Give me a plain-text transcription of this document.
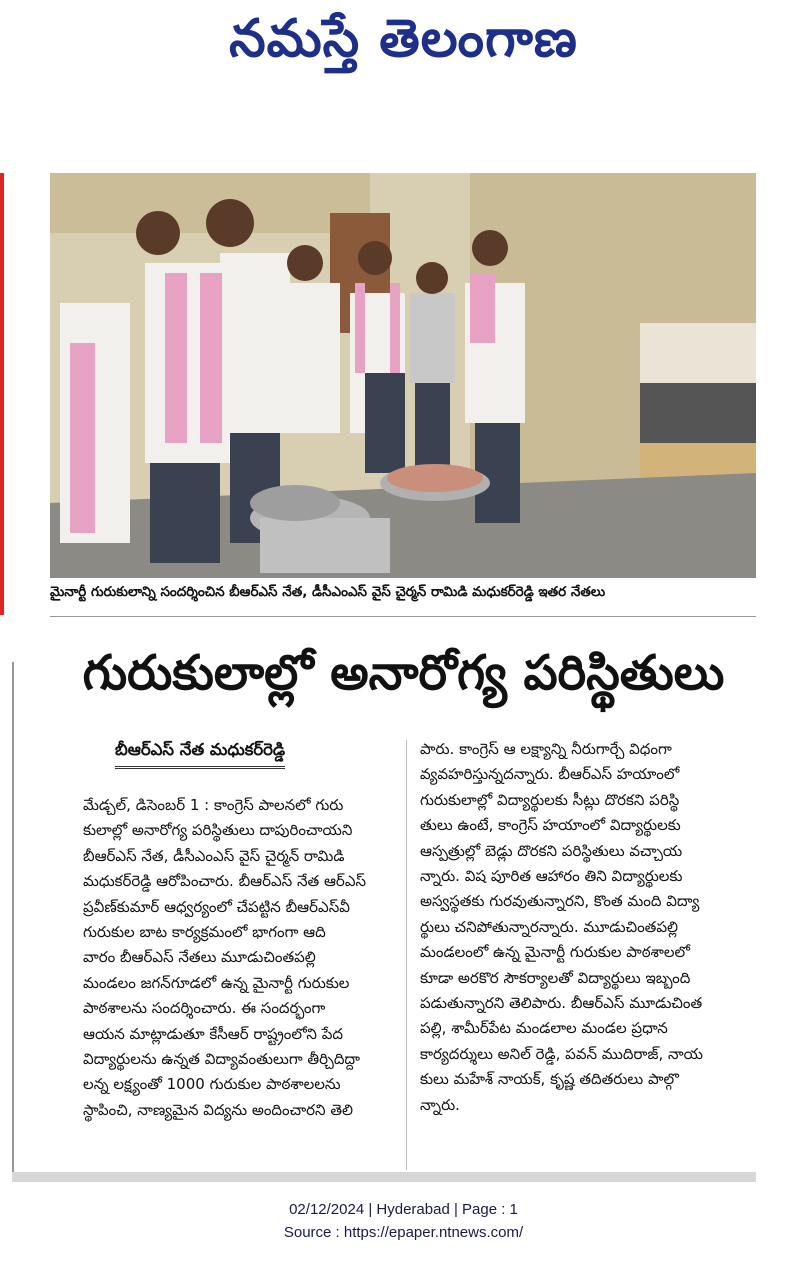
నమస్తే తెలంగాణ
మైనార్టీ గురుకులాన్ని సందర్శించిన బీఆర్‌ఎస్ నేత, డీసీఎంఎస్ వైస్ చైర్మన్ రామిడి మధుకర్‌రెడ్డి ఇతర నేతలు
గురుకులాల్లో అనారోగ్య పరిస్థితులు
బీఆర్‌ఎస్ నేత మధుకర్‌రెడ్డి
మేడ్చల్, డిసెంబర్ 1 : కాంగ్రెస్ పాలనలో గురు
కులాల్లో అనారోగ్య పరిస్థితులు దాపురించాయని
బీఆర్‌ఎస్ నేత, డీసీఎంఎస్ వైస్ చైర్మన్ రామిడి
మధుకర్‌రెడ్డి ఆరోపించారు. బీఆర్‌ఎస్ నేత ఆర్‌ఎస్
ప్రవీణ్‌కుమార్ ఆధ్వర్యంలో చేపట్టిన బీఆర్‌ఎస్‌వీ
గురుకుల బాట కార్యక్రమంలో భాగంగా ఆది
వారం బీఆర్‌ఎస్ నేతలు మూడుచింతపల్లి
మండలం జగన్‌గూడలో ఉన్న మైనార్టీ గురుకుల
పాఠశాలను సందర్శించారు. ఈ సందర్భంగా
ఆయన మాట్లాడుతూ కేసీఆర్ రాష్ట్రంలోని పేద
విద్యార్థులను ఉన్నత విద్యావంతులుగా తీర్చిదిద్దా
లన్న లక్ష్యంతో 1000 గురుకుల పాఠశాలలను
స్థాపించి, నాణ్యమైన విద్యను అందించారని తెలి
పారు. కాంగ్రెస్ ఆ లక్ష్యాన్ని నీరుగార్చే విధంగా
వ్యవహరిస్తున్నదన్నారు. బీఆర్‌ఎస్ హయాంలో
గురుకులాల్లో విద్యార్థులకు సీట్లు దొరకని పరిస్థి
తులు ఉంటే, కాంగ్రెస్ హయాంలో విద్యార్థులకు
ఆస్పత్రుల్లో బెడ్లు దొరకని పరిస్థితులు వచ్చాయ
న్నారు. విష పూరిత ఆహారం తిని విద్యార్థులకు
అస్వస్థతకు గురవుతున్నారని, కొంత మంది విద్యా
ర్థులు చనిపోతున్నారన్నారు. మూడుచింతపల్లి
మండలంలో ఉన్న మైనార్టీ గురుకుల పాఠశాలలో
కూడా అరకొర సౌకర్యాలతో విద్యార్థులు ఇబ్బంది
పడుతున్నారని తెలిపారు. బీఆర్‌ఎస్ మూడుచింత
పల్లి, శామీర్‌పేట మండలాల మండల ప్రధాన
కార్యదర్శులు అనిల్ రెడ్డి, పవన్ ముదిరాజ్, నాయ
కులు మహేశ్ నాయక్, కృష్ణ తదితరులు పాల్గొ
న్నారు.
02/12/2024 | Hyderabad | Page : 1
Source : https://epaper.ntnews.com/
